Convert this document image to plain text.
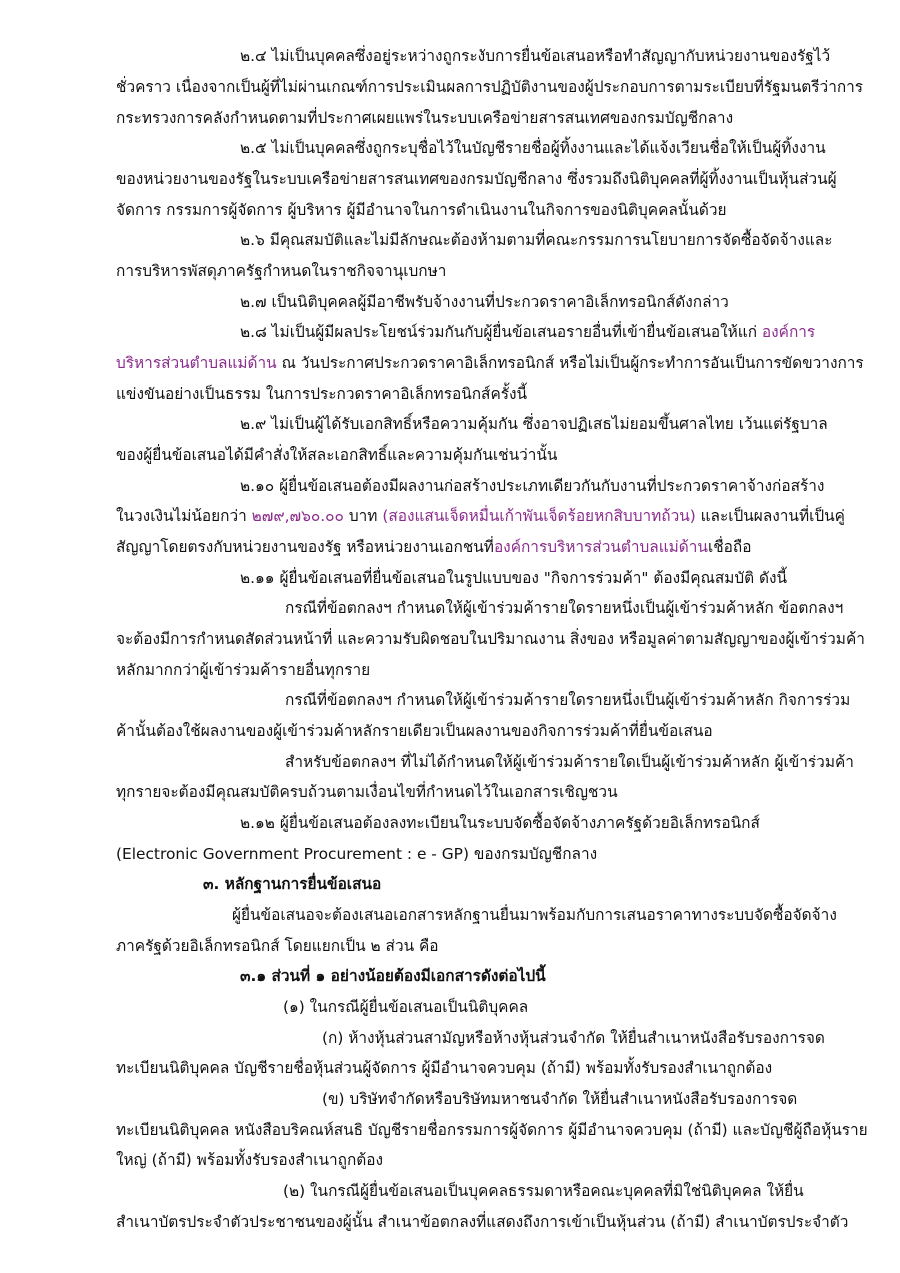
๒.๔ ไม่เป็นบุคคลซึ่งอยู่ระหว่างถูกระงับการยื่นข้อเสนอหรือทำสัญญากับหน่วยงานของรัฐไว้
ชั่วคราว เนื่องจากเป็นผู้ที่ไม่ผ่านเกณฑ์การประเมินผลการปฏิบัติงานของผู้ประกอบการตามระเบียบที่รัฐมนตรีว่าการ
กระทรวงการคลังกำหนดตามที่ประกาศเผยแพร่ในระบบเครือข่ายสารสนเทศของกรมบัญชีกลาง
๒.๕ ไม่เป็นบุคคลซึ่งถูกระบุชื่อไว้ในบัญชีรายชื่อผู้ทิ้งงานและได้แจ้งเวียนชื่อให้เป็นผู้ทิ้งงาน
ของหน่วยงานของรัฐในระบบเครือข่ายสารสนเทศของกรมบัญชีกลาง ซึ่งรวมถึงนิติบุคคลที่ผู้ทิ้งงานเป็นหุ้นส่วนผู้
จัดการ กรรมการผู้จัดการ ผู้บริหาร ผู้มีอำนาจในการดำเนินงานในกิจการของนิติบุคคลนั้นด้วย
๒.๖ มีคุณสมบัติและไม่มีลักษณะต้องห้ามตามที่คณะกรรมการนโยบายการจัดซื้อจัดจ้างและ
การบริหารพัสดุภาครัฐกำหนดในราชกิจจานุเบกษา
๒.๗ เป็นนิติบุคคลผู้มีอาชีพรับจ้างงานที่ประกวดราคาอิเล็กทรอนิกส์ดังกล่าว
๒.๘ ไม่เป็นผู้มีผลประโยชน์ร่วมกันกับผู้ยื่นข้อเสนอรายอื่นที่เข้ายื่นข้อเสนอให้แก่ องค์การ
บริหารส่วนตำบลแม่ด้าน ณ วันประกาศประกวดราคาอิเล็กทรอนิกส์ หรือไม่เป็นผู้กระทำการอันเป็นการขัดขวางการ
แข่งขันอย่างเป็นธรรม ในการประกวดราคาอิเล็กทรอนิกส์ครั้งนี้
๒.๙ ไม่เป็นผู้ได้รับเอกสิทธิ์หรือความคุ้มกัน ซึ่งอาจปฏิเสธไม่ยอมขึ้นศาลไทย เว้นแต่รัฐบาล
ของผู้ยื่นข้อเสนอได้มีคำสั่งให้สละเอกสิทธิ์และความคุ้มกันเช่นว่านั้น
๒.๑๐ ผู้ยื่นข้อเสนอต้องมีผลงานก่อสร้างประเภทเดียวกันกับงานที่ประกวดราคาจ้างก่อสร้าง
ในวงเงินไม่น้อยกว่า ๒๗๙,๗๖๐.๐๐ บาท (สองแสนเจ็ดหมื่นเก้าพันเจ็ดร้อยหกสิบบาทถ้วน) และเป็นผลงานที่เป็นคู่
สัญญาโดยตรงกับหน่วยงานของรัฐ หรือหน่วยงานเอกชนที่องค์การบริหารส่วนตำบลแม่ด้านเชื่อถือ
๒.๑๑ ผู้ยื่นข้อเสนอที่ยื่นข้อเสนอในรูปแบบของ "กิจการร่วมค้า" ต้องมีคุณสมบัติ ดังนี้
กรณีที่ข้อตกลงฯ กำหนดให้ผู้เข้าร่วมค้ารายใดรายหนึ่งเป็นผู้เข้าร่วมค้าหลัก ข้อตกลงฯ
จะต้องมีการกำหนดสัดส่วนหน้าที่ และความรับผิดชอบในปริมาณงาน สิ่งของ หรือมูลค่าตามสัญญาของผู้เข้าร่วมค้า
หลักมากกว่าผู้เข้าร่วมค้ารายอื่นทุกราย
กรณีที่ข้อตกลงฯ กำหนดให้ผู้เข้าร่วมค้ารายใดรายหนึ่งเป็นผู้เข้าร่วมค้าหลัก กิจการร่วม
ค้านั้นต้องใช้ผลงานของผู้เข้าร่วมค้าหลักรายเดียวเป็นผลงานของกิจการร่วมค้าที่ยื่นข้อเสนอ
สำหรับข้อตกลงฯ ที่ไม่ได้กำหนดให้ผู้เข้าร่วมค้ารายใดเป็นผู้เข้าร่วมค้าหลัก ผู้เข้าร่วมค้า
ทุกรายจะต้องมีคุณสมบัติครบถ้วนตามเงื่อนไขที่กำหนดไว้ในเอกสารเชิญชวน
๒.๑๒ ผู้ยื่นข้อเสนอต้องลงทะเบียนในระบบจัดซื้อจัดจ้างภาครัฐด้วยอิเล็กทรอนิกส์
(Electronic Government Procurement : e - GP) ของกรมบัญชีกลาง
๓. หลักฐานการยื่นข้อเสนอ
ผู้ยื่นข้อเสนอจะต้องเสนอเอกสารหลักฐานยื่นมาพร้อมกับการเสนอราคาทางระบบจัดซื้อจัดจ้าง
ภาครัฐด้วยอิเล็กทรอนิกส์ โดยแยกเป็น ๒ ส่วน คือ
๓.๑ ส่วนที่ ๑ อย่างน้อยต้องมีเอกสารดังต่อไปนี้
(๑) ในกรณีผู้ยื่นข้อเสนอเป็นนิติบุคคล
(ก) ห้างหุ้นส่วนสามัญหรือห้างหุ้นส่วนจำกัด ให้ยื่นสำเนาหนังสือรับรองการจด
ทะเบียนนิติบุคคล บัญชีรายชื่อหุ้นส่วนผู้จัดการ ผู้มีอำนาจควบคุม (ถ้ามี) พร้อมทั้งรับรองสำเนาถูกต้อง
(ข) บริษัทจำกัดหรือบริษัทมหาชนจำกัด ให้ยื่นสำเนาหนังสือรับรองการจด
ทะเบียนนิติบุคคล หนังสือบริคณห์สนธิ บัญชีรายชื่อกรรมการผู้จัดการ ผู้มีอำนาจควบคุม (ถ้ามี) และบัญชีผู้ถือหุ้นราย
ใหญ่ (ถ้ามี) พร้อมทั้งรับรองสำเนาถูกต้อง
(๒) ในกรณีผู้ยื่นข้อเสนอเป็นบุคคลธรรมดาหรือคณะบุคคลที่มิใช่นิติบุคคล ให้ยื่น
สำเนาบัตรประจำตัวประชาชนของผู้นั้น สำเนาข้อตกลงที่แสดงถึงการเข้าเป็นหุ้นส่วน (ถ้ามี) สำเนาบัตรประจำตัว
